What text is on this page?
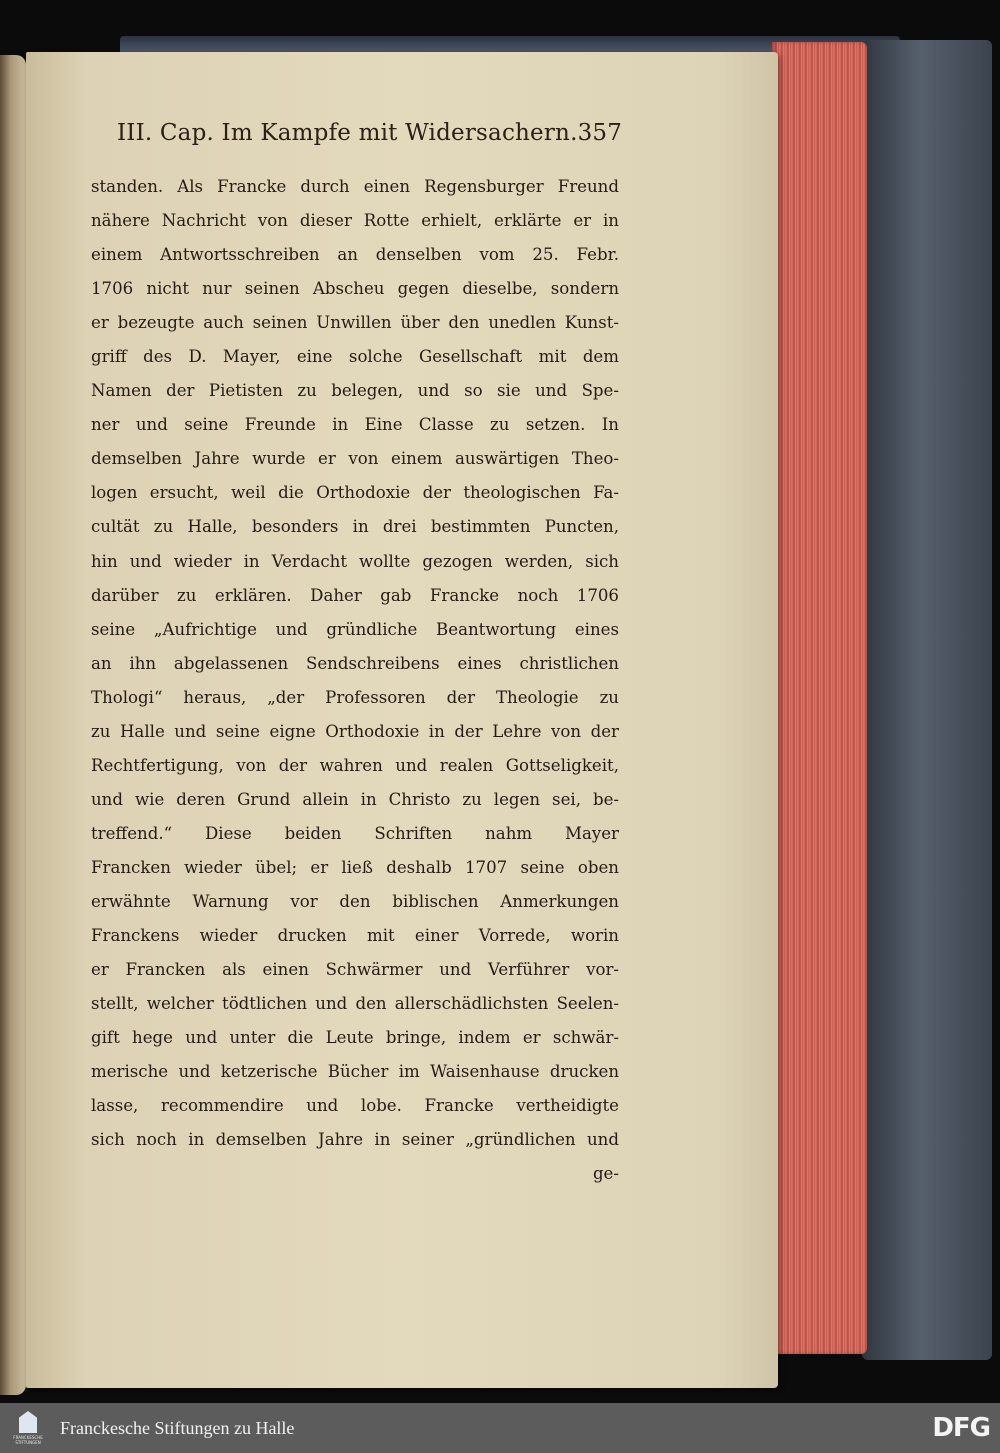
III. Cap. Im Kampfe mit Widersachern. 357
standen. Als Francke durch einen Regensburger Freund
nähere Nachricht von dieser Rotte erhielt, erklärte er in
einem Antwortsschreiben an denselben vom 25. Febr.
1706 nicht nur seinen Abscheu gegen dieselbe, sondern
er bezeugte auch seinen Unwillen über den unedlen Kunst-
griff des D. Mayer, eine solche Gesellschaft mit dem
Namen der Pietisten zu belegen, und so sie und Spe-
ner und seine Freunde in Eine Classe zu setzen. In
demselben Jahre wurde er von einem auswärtigen Theo-
logen ersucht, weil die Orthodoxie der theologischen Fa-
cultät zu Halle, besonders in drei bestimmten Puncten,
hin und wieder in Verdacht wollte gezogen werden, sich
darüber zu erklären. Daher gab Francke noch 1706
seine „Aufrichtige und gründliche Beantwortung eines
an ihn abgelassenen Sendschreibens eines christlichen
Thologi“ heraus, „der Professoren der Theologie zu
zu Halle und seine eigne Orthodoxie in der Lehre von der
Rechtfertigung, von der wahren und realen Gottseligkeit,
und wie deren Grund allein in Christo zu legen sei, be-
treffend.“ Diese beiden Schriften nahm Mayer
Francken wieder übel; er ließ deshalb 1707 seine oben
erwähnte Warnung vor den biblischen Anmerkungen
Franckens wieder drucken mit einer Vorrede, worin
er Francken als einen Schwärmer und Verführer vor-
stellt, welcher tödtlichen und den allerschädlichsten Seelen-
gift hege und unter die Leute bringe, indem er schwär-
merische und ketzerische Bücher im Waisenhause drucken
lasse, recommendire und lobe. Francke vertheidigte
sich noch in demselben Jahre in seiner „gründlichen und
ge-
FRANCKESCHE STIFTUNGEN
Franckesche Stiftungen zu Halle	DFG
